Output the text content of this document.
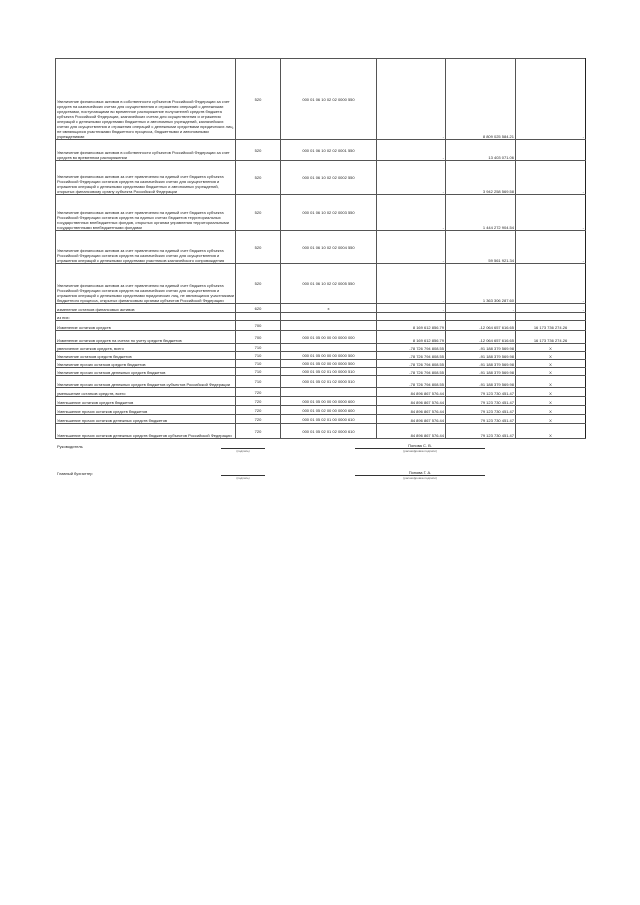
Увеличение финансовых активов в собственности субъектов Российской Федерации за счет средств на казначейских счетах для осуществления и отражения операций с денежными средствами, поступающими во временное распоряжение получателей средств бюджета субъекта Российской Федерации, казначейских счетах для осуществления и отражения операций с денежными средствами бюджетных и автономных учреждений, казначейских счетах для осуществления и отражения операций с денежными средствами юридических лиц, не являющихся участниками бюджетного процесса, бюджетными и автономными учреждениями	520	000 01 06 10 02 02 0000 550	-	8 809 025 584.21	-
Увеличение финансовых активов в собственности субъектов Российской Федерации за счет средств во временном распоряжении	520	000 01 06 10 02 02 0001 550	-	13 403 071.06	
Увеличение финансовых активов за счет привлечения на единый счет бюджета субъекта Российской Федерации остатков средств на казначейских счетах для осуществления и отражения операций с денежными средствами бюджетных и автономных учреждений, открытых финансовому органу субъекта Российской Федерации	520	000 01 06 10 02 02 0002 550	-	3 942 258 569.58	-
Увеличение финансовых активов за счет привлечения на единый счет бюджета субъекта Российской Федерации остатков средств на единых счетах бюджетов территориальных государственных внебюджетных фондов, открытых органам управления территориальными государственными внебюджетными фондами	520	000 01 06 10 02 02 0003 550	-	1 444 272 904.54	-
Увеличение финансовых активов за счет привлечения на единый счет бюджета субъекта Российской Федерации остатков средств на казначейских счетах для осуществления и отражения операций с денежными средствами участников казначейского сопровождения	520	000 01 06 10 02 02 0004 550	-	59 561 921.34	-
Увеличение финансовых активов за счет привлечения на единый счет бюджета субъекта Российской Федерации остатков средств на казначейских счетах для осуществления и отражения операций с денежными средствами юридических лиц, не являющихся участниками бюджетного процесса, открытых финансовым органам субъектов Российской Федерации	520	000 01 06 10 02 02 0005 550	-	1 363 306 287.60	-
изменение остатков финансовых активов	620	x	-	-	-
из них:					
Изменение остатков средств	700		8 169 612 856.79	-12 064 657 616.65	16 173 736 274.26
Изменение остатков средств на счетах по учету средств бюджетов	700	000 01 05 00 00 00 0000 000	8 169 612 856.79	-12 064 657 616.65	16 173 736 274.26
увеличение остатков средств, всего	710		-78 726 794 808.55	-91 188 379 569.98	X
Увеличение остатков средств бюджетов	710	000 01 05 00 00 00 0000 500	-78 726 794 808.55	-91 188 379 569.98	X
Увеличение прочих остатков средств бюджетов	710	000 01 05 02 00 00 0000 500	-78 726 794 808.55	-91 188 379 569.98	X
Увеличение прочих остатков денежных средств бюджетов	710	000 01 05 02 01 00 0000 510	-78 726 794 808.55	-91 188 379 569.98	X
Увеличение прочих остатков денежных средств бюджетов субъектов Российской Федерации	710	000 01 05 02 01 02 0000 510	-78 726 794 808.55	-91 188 379 569.98	X
уменьшение остатков средств, всего	720		84 896 867 576.44	79 123 730 451.47	X
Уменьшение остатков средств бюджетов	720	000 01 05 00 00 00 0000 600	84 896 867 576.44	79 123 730 451.47	X
Уменьшение прочих остатков средств бюджетов	720	000 01 05 02 00 00 0000 600	84 896 867 576.44	79 123 730 451.47	X
Уменьшение прочих остатков денежных средств бюджетов	720	000 01 05 02 01 00 0000 610	84 896 867 576.44	79 123 730 451.47	X
Уменьшение прочих остатков денежных средств бюджетов субъектов Российской Федерации	720	000 01 05 02 01 02 0000 610	84 896 867 576.44	79 123 730 451.47	X
Руководитель
(подпись)
Попова С. В.
(расшифровка подписи)
Главный бухгалтер
(подпись)
Попова Г. А.
(расшифровка подписи)
